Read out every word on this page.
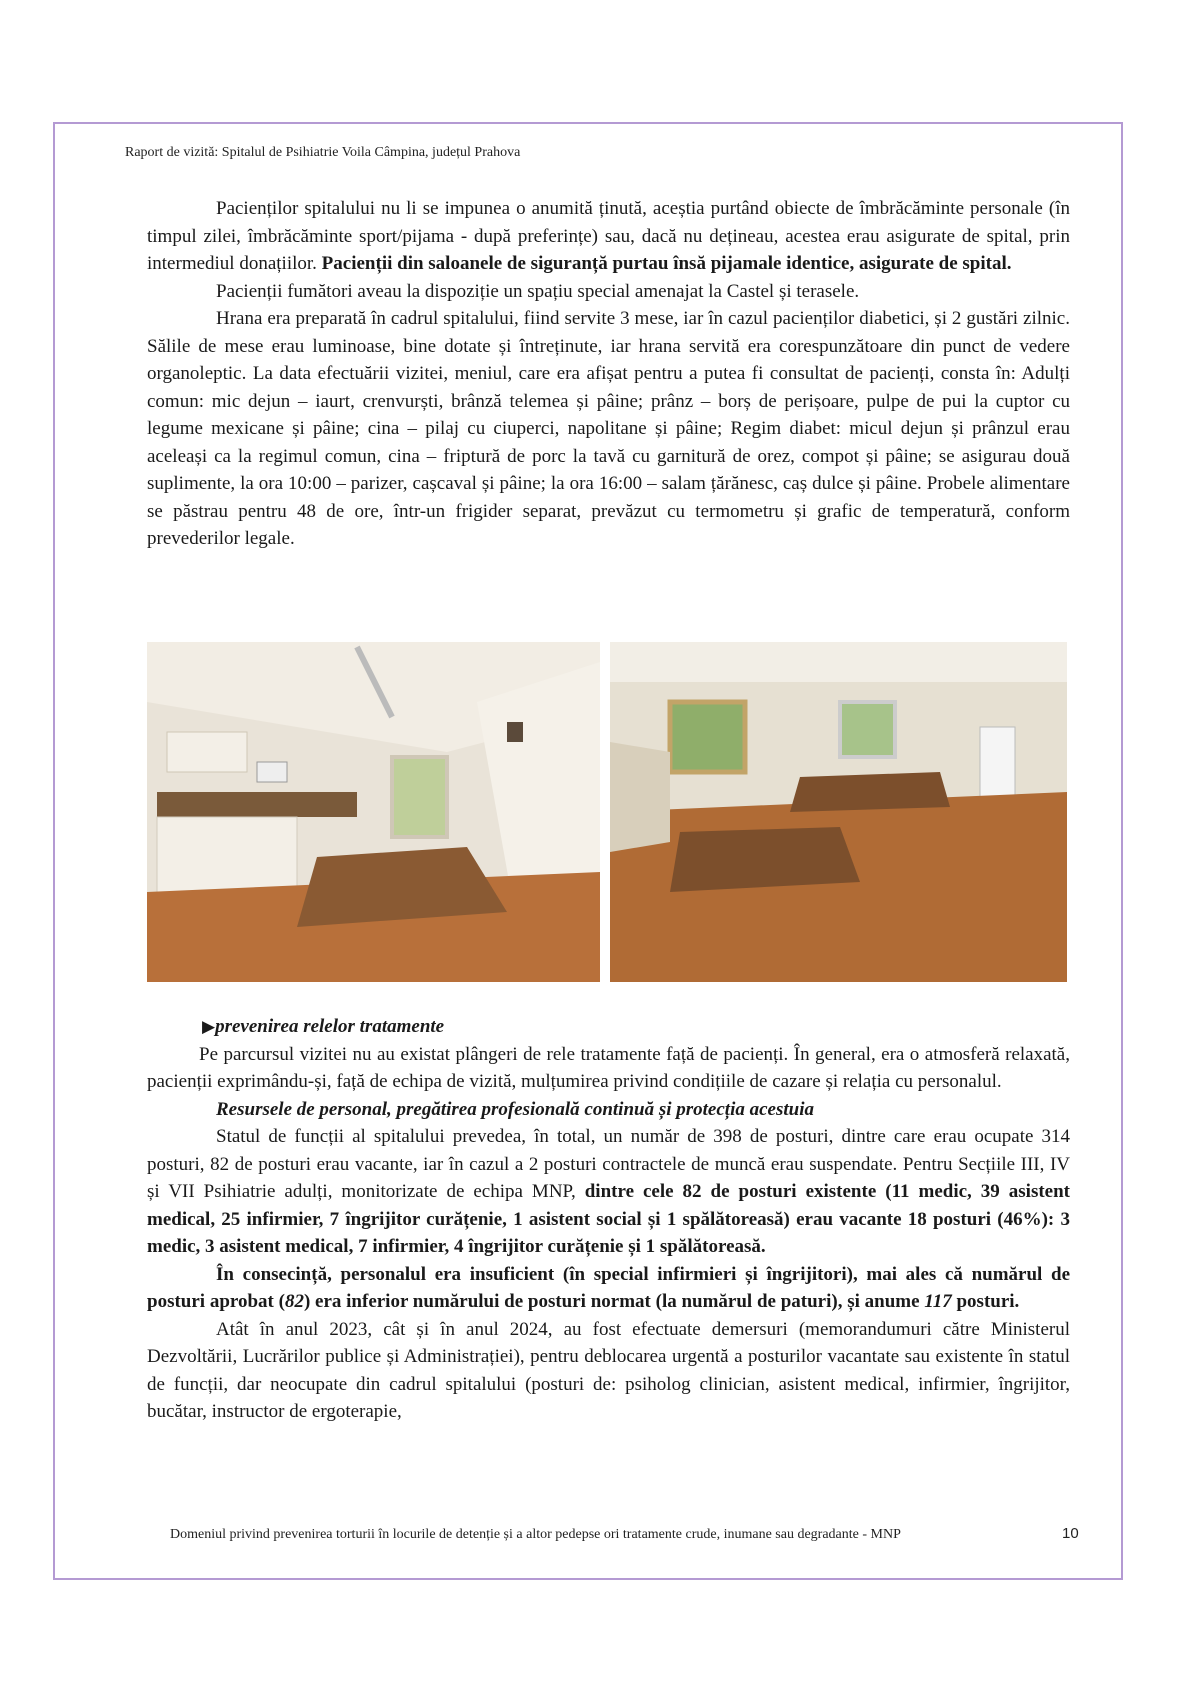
Raport de vizită: Spitalul de Psihiatrie Voila Câmpina, județul Prahova

Pacienților spitalului nu li se impunea o anumită ținută, aceștia purtând obiecte de îmbrăcăminte personale (în timpul zilei, îmbrăcăminte sport/pijama - după preferințe) sau, dacă nu dețineau, acestea erau asigurate de spital, prin intermediul donațiilor. Pacienții din saloanele de siguranță purtau însă pijamale identice, asigurate de spital.

Pacienții fumători aveau la dispoziție un spațiu special amenajat la Castel și terasele.

Hrana era preparată în cadrul spitalului, fiind servite 3 mese, iar în cazul pacienților diabetici, și 2 gustări zilnic. Sălile de mese erau luminoase, bine dotate și întreținute, iar hrana servită era corespunzătoare din punct de vedere organoleptic. La data efectuării vizitei, meniul, care era afișat pentru a putea fi consultat de pacienți, consta în: Adulți comun: mic dejun – iaurt, crenvurști, brânză telemea și pâine; prânz – borș de perișoare, pulpe de pui la cuptor cu legume mexicane și pâine; cina – pilaj cu ciuperci, napolitane și pâine; Regim diabet: micul dejun și prânzul erau aceleași ca la regimul comun, cina – friptură de porc la tavă cu garnitură de orez, compot și pâine; se asigurau două suplimente, la ora 10:00 – parizer, cașcaval și pâine; la ora 16:00 – salam țărănesc, caș dulce și pâine. Probele alimentare se păstrau pentru 48 de ore, într-un frigider separat, prevăzut cu termometru și grafic de temperatură, conform prevederilor legale.

▶prevenirea relelor tratamente

Pe parcursul vizitei nu au existat plângeri de rele tratamente față de pacienți. În general, era o atmosferă relaxată, pacienții exprimându-și, față de echipa de vizită, mulțumirea privind condițiile de cazare și relația cu personalul.

Resursele de personal, pregătirea profesională continuă și protecția acestuia

Statul de funcții al spitalului prevedea, în total, un număr de 398 de posturi, dintre care erau ocupate 314 posturi, 82 de posturi erau vacante, iar în cazul a 2 posturi contractele de muncă erau suspendate. Pentru Secțiile III, IV și VII Psihiatrie adulți, monitorizate de echipa MNP, dintre cele 82 de posturi existente (11 medic, 39 asistent medical, 25 infirmier, 7 îngrijitor curățenie, 1 asistent social și 1 spălătoreasă) erau vacante 18 posturi (46%): 3 medic, 3 asistent medical, 7 infirmier, 4 îngrijitor curățenie și 1 spălătoreasă.

În consecință, personalul era insuficient (în special infirmieri și îngrijitori), mai ales că numărul de posturi aprobat (82) era inferior numărului de posturi normat (la numărul de paturi), și anume 117 posturi.

Atât în anul 2023, cât și în anul 2024, au fost efectuate demersuri (memorandumuri către Ministerul Dezvoltării, Lucrărilor publice și Administrației), pentru deblocarea urgentă a posturilor vacantate sau existente în statul de funcții, dar neocupate din cadrul spitalului (posturi de: psiholog clinician, asistent medical, infirmier, îngrijitor, bucătar, instructor de ergoterapie,

Domeniul privind prevenirea torturii în locurile de detenție și a altor pedepse ori tratamente crude, inumane sau degradante - MNP	10
